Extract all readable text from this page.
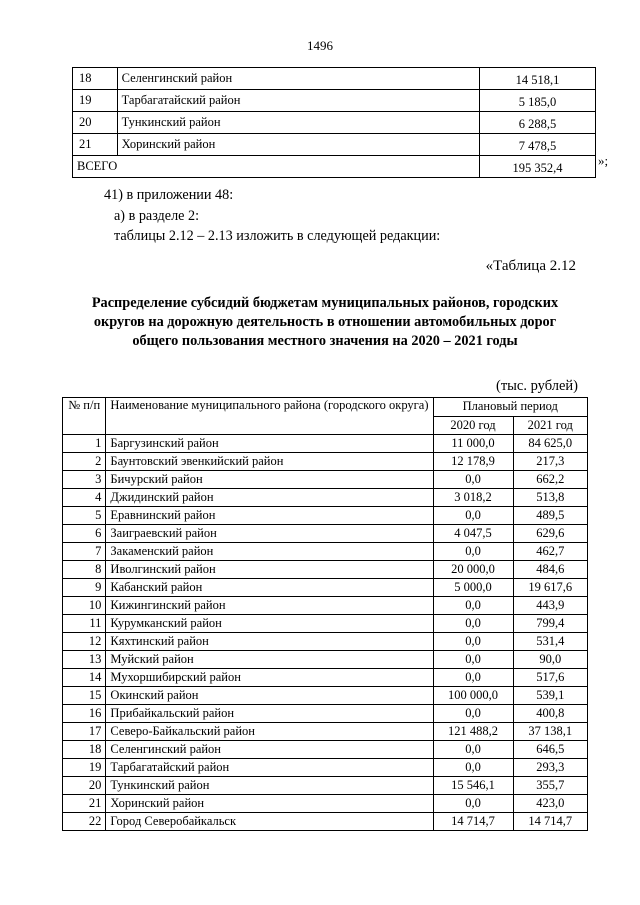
1496
18	Селенгинский район	14 518,1
19	Тарбагатайский район	5 185,0
20	Тункинский район	6 288,5
21	Хоринский район	7 478,5
ВСЕГО		195 352,4
»;
41) в приложении 48:
а) в разделе 2:
таблицы 2.12 – 2.13 изложить в следующей редакции:
«Таблица 2.12
Распределение субсидий бюджетам муниципальных районов, городских округов на дорожную деятельность в отношении автомобильных дорог общего пользования местного значения на 2020 – 2021 годы
(тыс. рублей)
№ п/п	Наименование муниципального района (городского округа)	Плановый период	
		2020 год	2021 год
1	Баргузинский район	11 000,0	84 625,0
2	Баунтовский эвенкийский район	12 178,9	217,3
3	Бичурский район	0,0	662,2
4	Джидинский район	3 018,2	513,8
5	Еравнинский район	0,0	489,5
6	Заиграевский район	4 047,5	629,6
7	Закаменский район	0,0	462,7
8	Иволгинский район	20 000,0	484,6
9	Кабанский район	5 000,0	19 617,6
10	Кижингинский район	0,0	443,9
11	Курумканский район	0,0	799,4
12	Кяхтинский район	0,0	531,4
13	Муйский район	0,0	90,0
14	Мухоршибирский район	0,0	517,6
15	Окинский район	100 000,0	539,1
16	Прибайкальский район	0,0	400,8
17	Северо-Байкальский район	121 488,2	37 138,1
18	Селенгинский район	0,0	646,5
19	Тарбагатайский район	0,0	293,3
20	Тункинский район	15 546,1	355,7
21	Хоринский район	0,0	423,0
22	Город Северобайкальск	14 714,7	14 714,7
